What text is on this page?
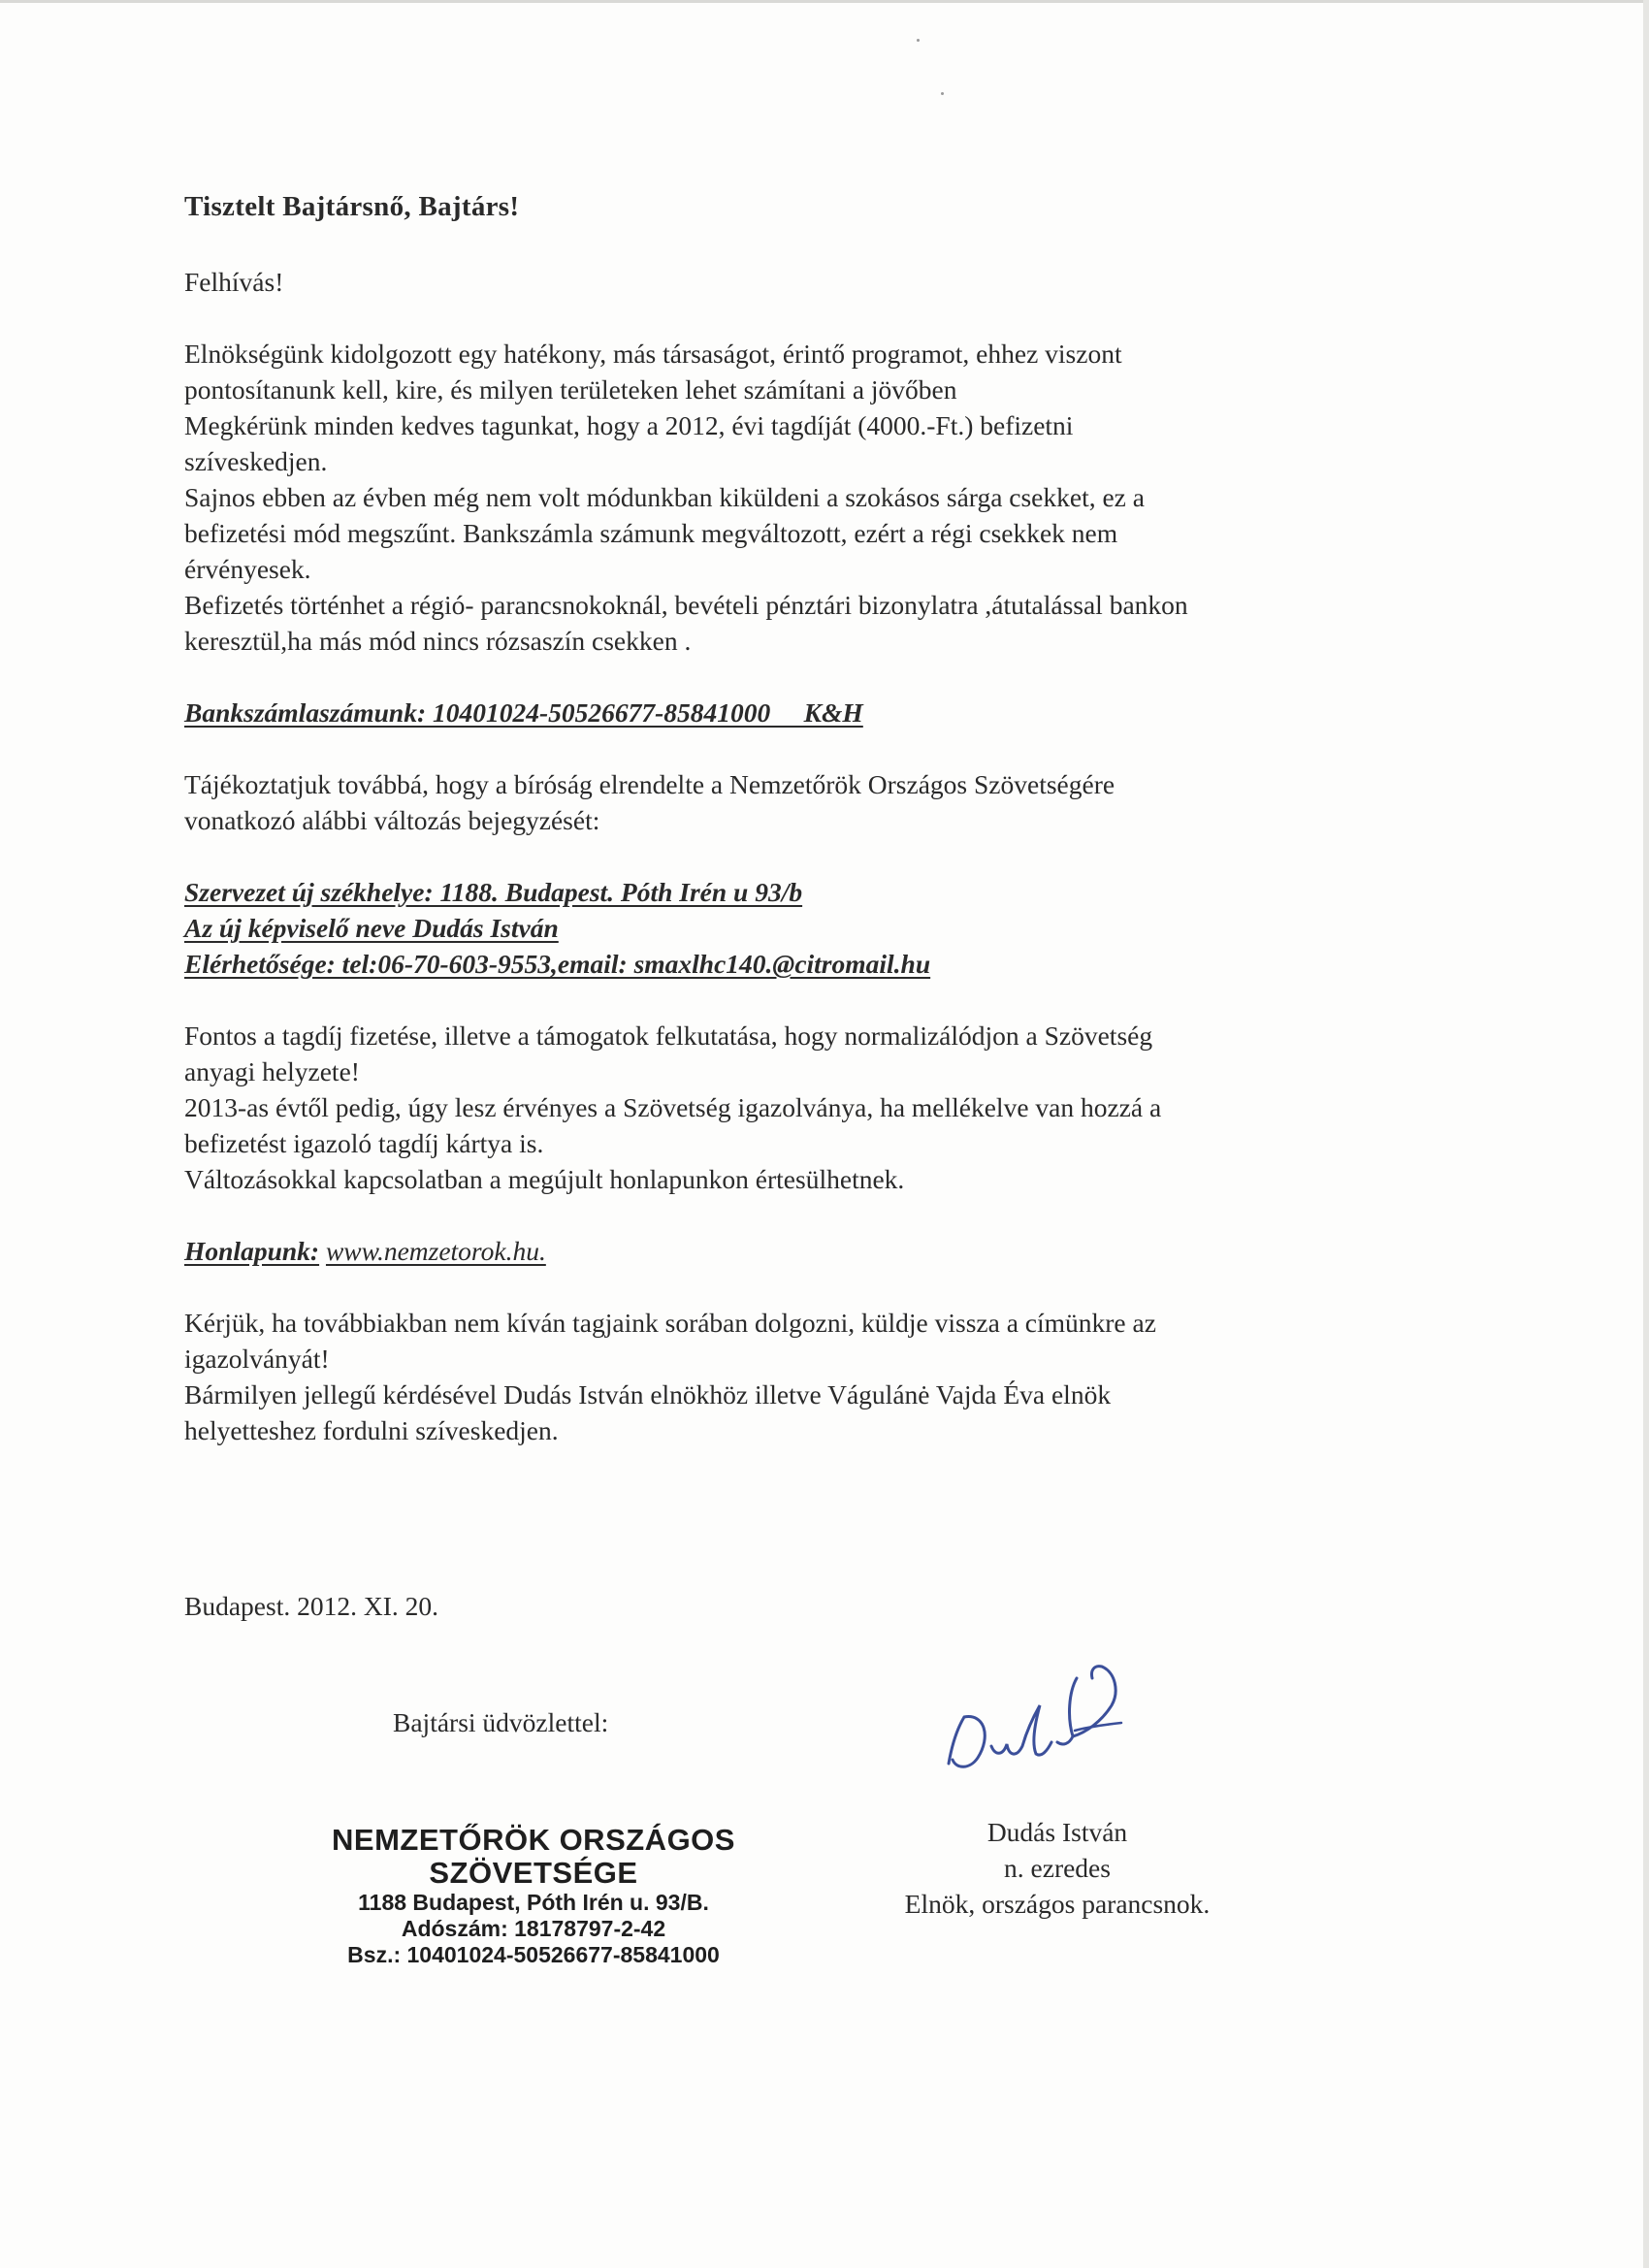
Tisztelt Bajtársnő, Bajtárs!
Felhívás!
Elnökségünk kidolgozott egy hatékony, más társaságot, érintő programot, ehhez viszont
pontosítanunk kell, kire, és milyen területeken lehet számítani a jövőben
Megkérünk minden kedves tagunkat, hogy a 2012, évi tagdíját (4000.-Ft.) befizetni
szíveskedjen.
Sajnos ebben az évben még nem volt módunkban kiküldeni a szokásos sárga csekket, ez a
befizetési mód megszűnt. Bankszámla számunk megváltozott, ezért a régi csekkek nem
érvényesek.
Befizetés történhet a régió- parancsnokoknál, bevételi pénztári bizonylatra ,átutalással bankon
keresztül,ha más mód nincs rózsaszín csekken .
Bankszámlaszámunk: 10401024-50526677-85841000     K&H
Tájékoztatjuk továbbá, hogy a bíróság elrendelte a Nemzetőrök Országos Szövetségére
vonatkozó alábbi változás bejegyzését:
Szervezet új székhelye: 1188. Budapest. Póth Irén u 93/b
Az új képviselő neve Dudás István
Elérhetősége: tel:06-70-603-9553,email: smaxlhc140.@citromail.hu
Fontos a tagdíj fizetése, illetve a támogatok felkutatása, hogy normalizálódjon a Szövetség
anyagi helyzete!
2013-as évtől pedig, úgy lesz érvényes a Szövetség igazolványa, ha mellékelve van hozzá a
befizetést igazoló tagdíj kártya is.
Változásokkal kapcsolatban a megújult honlapunkon értesülhetnek.
Honlapunk: www.nemzetorok.hu.
Kérjük, ha továbbiakban nem kíván tagjaink sorában dolgozni, küldje vissza a címünkre az
igazolványát!
Bármilyen jellegű kérdésével Dudás István elnökhöz illetve Vágulánė Vajda Éva elnök
helyetteshez fordulni szíveskedjen.
Budapest. 2012. XI. 20.
Bajtársi üdvözlettel:
NEMZETŐRÖK ORSZÁGOS
SZÖVETSÉGE
1188 Budapest, Póth Irén u. 93/B.
Adószám: 18178797-2-42
Bsz.: 10401024-50526677-85841000
Dudás István
n. ezredes
Elnök, országos parancsnok.
